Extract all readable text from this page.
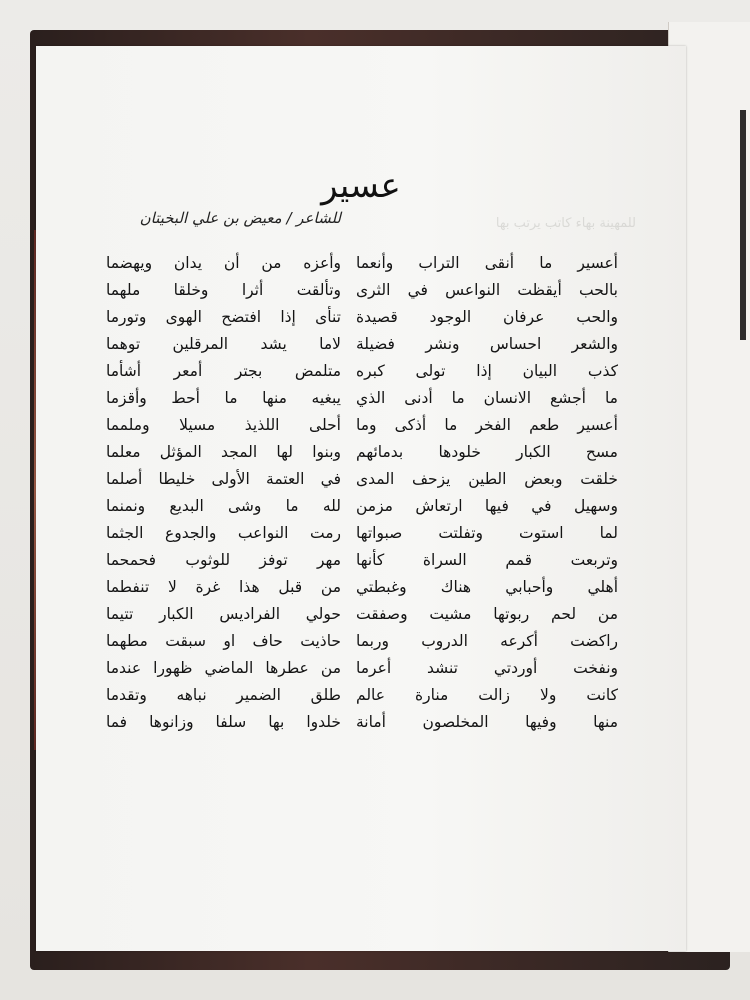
عسير
للشاعر / معيض بن علي البخيتان	للمهينة بهاء كاتب يرتب بها
أعسير ما أنقى التراب وأنعما
بالحب أيقظت النواعس في الثرى
والحب عرفان الوجود قصيدة
والشعر احساس ونشر فضيلة
كذب البيان إذا تولى كبره
ما أجشع الانسان ما أدنى الذي
أعسير طعم الفخر ما أذكى وما
مسح الكبار خلودها بدمائهم
خلقت وبعض الطين يزحف المدى
وسهيل في فيها ارتعاش مزمن
لما استوت وتفلتت صبواتها
وتربعت قمم السراة كأنها
أهلي وأحبابي هناك وغبطتي
من لحم ربوتها مشيت وصفقت
راكضت أكرعه الدروب وربما
ونفخت أوردتي تنشد أعرما
كانت ولا زالت منارة عالم
منها وفيها المخلصون أمانة
وأعزه من أن يدان ويهضما
وتألقت أثرا وخلقا ملهما
تنأى إذا افتضح الهوى وتورما
لاما يشد المرقلين توهما
متلمض بجتر أمعر أشأما
يبغيه منها ما أحط وأقزما
أحلى اللذيذ مسيلا وملمما
وبنوا لها المجد المؤثل معلما
في العتمة الأولى خليطا أصلما
لله ما وشى البديع ونمنما
رمت النواعب والجدوع الجثما
مهر توفز للوثوب فحمحما
من قبل هذا غرة لا تنفطما
حولي الفراديس الكبار تتيما
حاذيت حاف او سبقت مطهما
من عطرها الماضي ظهورا عندما
طلق الضمير نباهه وتقدما
خلدوا بها سلفا وزانوها فما
